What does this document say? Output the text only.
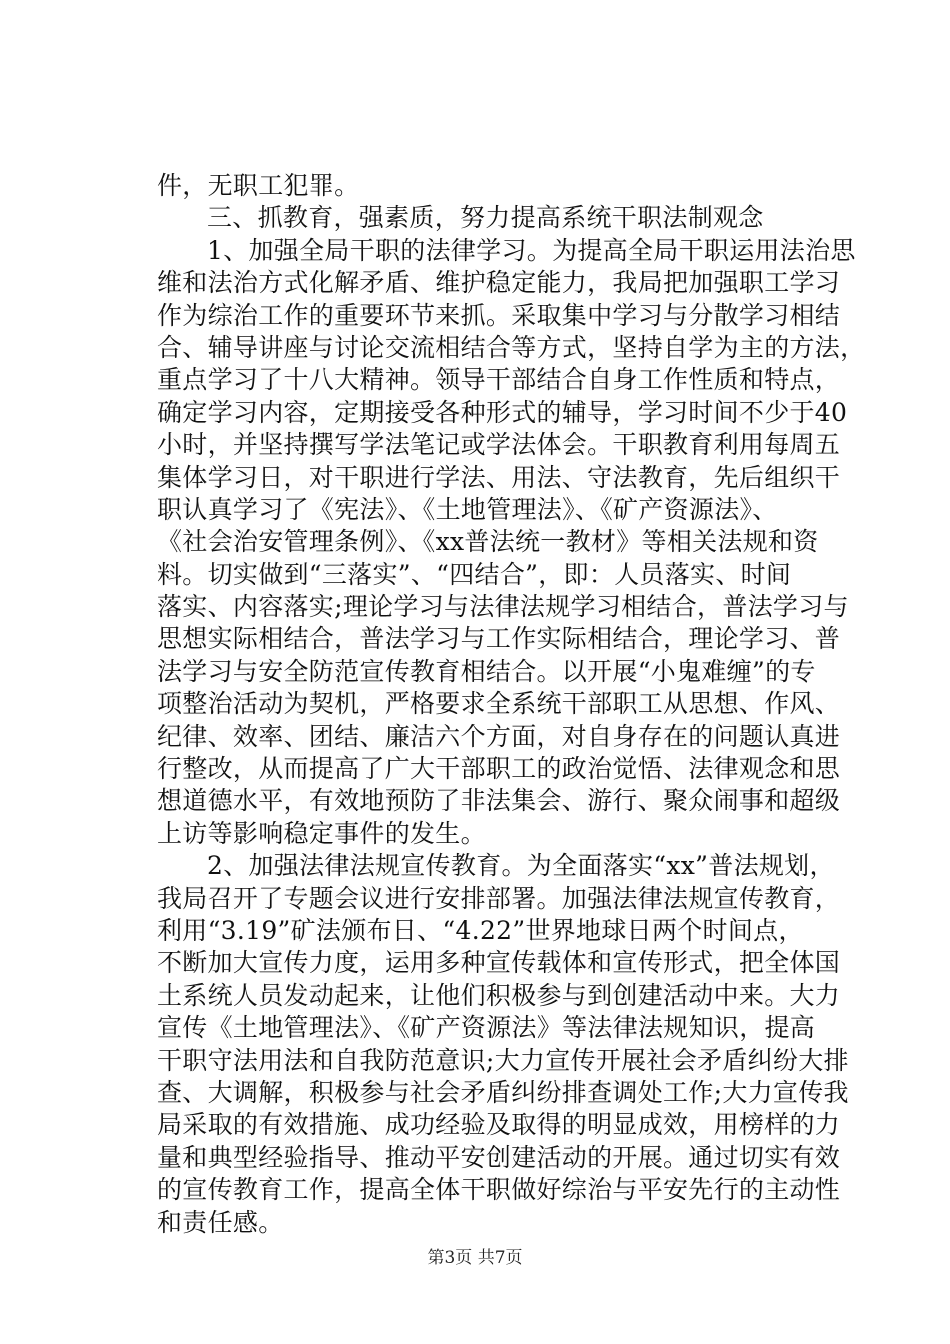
件，无职工犯罪。
三、抓教育，强素质，努力提高系统干职法制观念
1、加强全局干职的法律学习。为提高全局干职运用法治思
维和法治方式化解矛盾、维护稳定能力，我局把加强职工学习
作为综治工作的重要环节来抓。采取集中学习与分散学习相结
合、辅导讲座与讨论交流相结合等方式，坚持自学为主的方法，
重点学习了十八大精神。领导干部结合自身工作性质和特点，
确定学习内容，定期接受各种形式的辅导，学习时间不少于40
小时，并坚持撰写学法笔记或学法体会。干职教育利用每周五
集体学习日，对干职进行学法、用法、守法教育，先后组织干
职认真学习了《宪法》、《土地管理法》、《矿产资源法》、
《社会治安管理条例》、《xx普法统一教材》等相关法规和资
料。切实做到“三落实”、“四结合”，即：人员落实、时间
落实、内容落实;理论学习与法律法规学习相结合，普法学习与
思想实际相结合，普法学习与工作实际相结合，理论学习、普
法学习与安全防范宣传教育相结合。以开展“小鬼难缠”的专
项整治活动为契机，严格要求全系统干部职工从思想、作风、
纪律、效率、团结、廉洁六个方面，对自身存在的问题认真进
行整改，从而提高了广大干部职工的政治觉悟、法律观念和思
想道德水平，有效地预防了非法集会、游行、聚众闹事和超级
上访等影响稳定事件的发生。
2、加强法律法规宣传教育。为全面落实“xx”普法规划，
我局召开了专题会议进行安排部署。加强法律法规宣传教育，
利用“3.19”矿法颁布日、“4.22”世界地球日两个时间点，
不断加大宣传力度，运用多种宣传载体和宣传形式，把全体国
土系统人员发动起来，让他们积极参与到创建活动中来。大力
宣传《土地管理法》、《矿产资源法》等法律法规知识，提高
干职守法用法和自我防范意识;大力宣传开展社会矛盾纠纷大排
查、大调解，积极参与社会矛盾纠纷排查调处工作;大力宣传我
局采取的有效措施、成功经验及取得的明显成效，用榜样的力
量和典型经验指导、推动平安创建活动的开展。通过切实有效
的宣传教育工作，提高全体干职做好综治与平安先行的主动性
和责任感。
第3页 共7页
